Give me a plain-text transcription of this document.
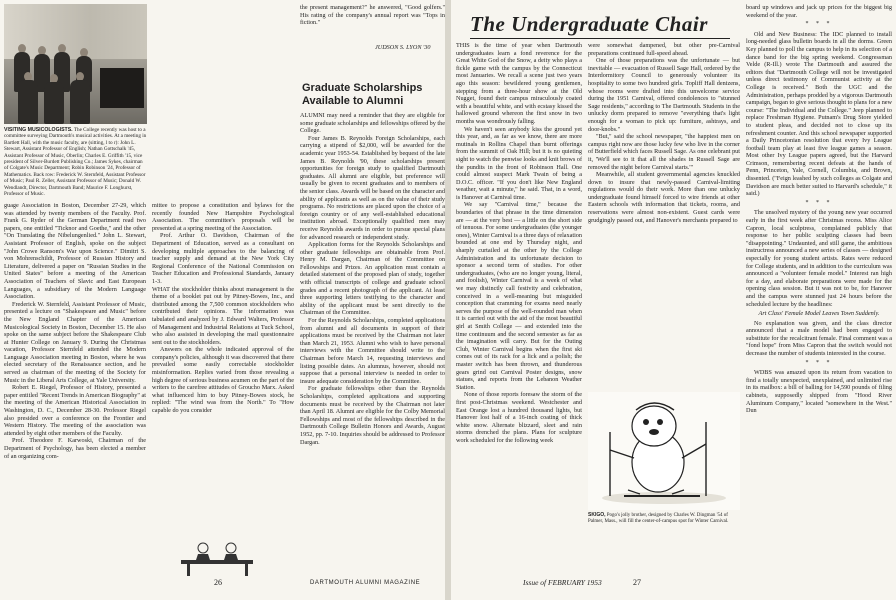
VISITING MUSICOLOGISTS. The College recently was host to a committee surveying Dartmouth's musical activities. At a meeting in Bartlett Hall, with the music faculty, are (sitting, l to r): John L. Stewart, Assistant Professor of English; Nathan Gottschalk '45, Assistant Professor of Music, Oberlin; Charles E. Griffith '15, vice president of Silver-Burdett Publishing Co.; James Sykes, chairman of Colgate's Music Department; Robin Robinson '24, Professor of Mathematics. Back row: Frederick W. Sternfeld, Assistant Professor of Music; Paul R. Zeller, Assistant Professor of Music; Donald W. Wendlandt, Director, Dartmouth Band; Maurice F. Longhurst, Professor of Music.

guage Association in Boston, December 27-29, which was attended by twenty members of the Faculty. Prof. Frank G. Ryder of the German Department read two papers, one entitled "Ticknor and Goethe," and the other "On Translating the Nibelungenlied." John L. Stewart, Assistant Professor of English, spoke on the subject "John Crowe Ransom's War upon Science." Dimitri S. von Mohrenschildt, Professor of Russian History and Literature, delivered a paper on "Russian Studies in the United States" before a meeting of the American Association of Teachers of Slavic and East European Languages, a subsidiary of the Modern Language Association.

Frederick W. Sternfeld, Assistant Professor of Music, presented a lecture on "Shakespeare and Music" before the New England Chapter of the American Musicological Society in Boston, December 15. He also spoke on the same subject before the Shakespeare Club at Hunter College on January 9. During the Christmas vacation, Professor Sternfeld attended the Modern Language Association meeting in Boston, where he was elected secretary of the Renaissance section, and he served as chairman of the meeting of the Society for Music in the Liberal Arts College, at Yale University.

Robert E. Riegel, Professor of History, presented a paper entitled "Recent Trends in American Biography" at the meeting of the American Historical Association in Washington, D. C., December 28-30. Professor Riegel also presided over a conference on the Frontier and Western History. The meeting of the association was attended by eight other members of the Faculty.

Prof. Theodore F. Karwoski, Chairman of the Department of Psychology, has been elected a member of an organizing com-

mittee to propose a constitution and bylaws for the recently founded New Hampshire Psychological Association. The committee's proposals will be presented at a spring meeting of the Association.

Prof. Arthur O. Davidson, Chairman of the Department of Education, served as a consultant on developing multiple approaches to the balancing of teacher supply and demand at the New York City Regional Conference of the National Commission on Teacher Education and Professional Standards, January 1-3.

WHAT the stockholder thinks about management is the theme of a booklet put out by Pitney-Bowes, Inc., and distributed among the 7,500 common stockholders who contributed their opinions. The information was tabulated and analyzed by J. Edward Walters, Professor of Management and Industrial Relations at Tuck School, who also assisted in developing the mail questionnaire sent out to the stockholders.

Answers on the whole indicated approval of the company's policies, although it was discovered that there prevailed some easily correctable stockholder misinformation. Replies varied from those revealing a high degree of serious business acumen on the part of the writers to the carefree attitudes of Groucho Marx. Asked what influenced him to buy Pitney-Bowes stock, he replied: "The wind was from the North." To "How capable do you consider

the present management?" he answered, "Good golfers." His rating of the company's annual report was "Tops in fiction."

JUDSON S. LYON '30
Graduate Scholarships Available to Alumni

ALUMNI may need a reminder that they are eligible for some graduate scholarships and fellowships offered by the College.

Four James B. Reynolds Foreign Scholarships, each carrying a stipend of $2,000, will be awarded for the academic year 1953-54. Established by bequest of the late James B. Reynolds '90, these scholarships present opportunities for foreign study to qualified Dartmouth graduates. All alumni are eligible, but preference will usually be given to recent graduates and to members of the senior class. Awards will be based on the character and ability of applicants as well as on the value of their study programs. No restrictions are placed upon the choice of a foreign country or of any well-established educational institution abroad. Exceptionally qualified men may receive Reynolds awards in order to pursue special plans for advanced research or independent study.

Application forms for the Reynolds Scholarships and other graduate fellowships are obtainable from Prof. Henry M. Dargan, Chairman of the Committee on Fellowships and Prizes. An application must contain a detailed statement of the proposed plan of study, together with official transcripts of college and graduate school grades and a recent photograph of the applicant. At least three supporting letters testifying to the character and ability of the applicant must be sent directly to the Chairman of the Committee.

For the Reynolds Scholarships, completed applications from alumni and all documents in support of their applications must be received by the Chairman not later than March 21, 1953. Alumni who wish to have personal interviews with the Committee should write to the Chairman before March 14, requesting interviews and listing possible dates. An alumnus, however, should not suppose that a personal interview is needed in order to insure adequate consideration by the Committee.

For graduate fellowships other than the Reynolds Scholarships, completed applications and supporting documents must be received by the Chairman not later than April 18. Alumni are eligible for the Colby Memorial Fellowships and most of the fellowships described in the Dartmouth College Bulletin Honors and Awards, August 1952, pp. 7-10. Inquiries should be addressed to Professor Dargan.

26	DARTMOUTH ALUMNI MAGAZINE
The Undergraduate Chair

THIS is the time of year when Dartmouth undergraduates learn a fond reverence for the Great White God of the Snow, a deity who plays a fickle game with the campus by the Connecticut most Januaries. We recall a scene just two years ago this season: bewildered young gentlemen, stepping from a three-hour show at the Old Nugget, found their campus miraculously coated with a beautiful white, and with ecstasy kissed the hallowed ground whereon the first snow in two months was wondrously falling.

We haven't seen anybody kiss the ground yet this year, and, as far as we know, there are more mutinals in Rollins Chapel than burnt offerings from the summit of Oak Hill; but it is no quieting sight to watch the penwise looks and knit brows of the pundits in the front of Robinson Hall. One could almost suspect Mark Twain of being a D.O.C. officer. "If you don't like New England weather, wait a minute," he said. That, in a word, is Hanover at Carnival time.

We say "Carnival time," because the boundaries of that phrase in the time dimension are — at the very best — a little on the short side of tenuous. For some undergraduates (the younger ones), Winter Carnival is a three days of relaxation bounded at one end by Thursday night, and sharply curtailed at the other by the College Administration and its unfortunate decision to sponsor a second term of studies. For other undergraduates, (who are no longer young, literal, and foolish), Winter Carnival is a week of what we may distinctly call festivity and celebration, conceived in a well-meaning but misguided conception that cramming for exams need nearly serves the purpose of the well-rounded man when it is carried out with the aid of the most beautiful girl at Smith College — and extended into the time continuum and the second semester as far as the imagination will carry. But for the Outing Club, Winter Carnival begins when the first ski comes out of its rack for a lick and a polish; the master switch has been thrown, and thunderous gears grind out Carnival Poster designs, snow statues, and reports from the Lebanon Weather Station.

None of those reports foresaw the storm of the first post-Christmas weekend. Westchester and East Orange lost a hundred thousand lights, but Hanover lost half of a 16-inch coating of thick white snow. Alternate blizzard, sleet and rain storms drenched the plans. Plans for sculpture work scheduled for the following week

were somewhat dampened, but other pre-Carnival preparations continued full-speed ahead.

One of those preparations was the unfortunate — but inevitable — evacuation of Russell Sage Hall, ordered by the Interdormitory Council to generously volunteer its hospitality to some two hundred girls. Topliff Hall denizens, whose rooms were drafted into this unwelcome service during the 1951 Carnival, offered condolences to "stunned Sage residents," according to The Dartmouth. Students in the unlucky dorm prepared to remove "everything that's light enough for a woman to pick up: furniture, ashtrays, and door-knobs."

"But," said the school newspaper, "the happiest men on campus right now are those lucky few who live in the corner of Butterfield which faces Russell Sage. As one celebrant put it, 'We'll see to it that all the shades in Russell Sage are removed the night before Carnival starts.'"

Meanwhile, all student governmental agencies knuckled down to insure that newly-passed Carnival-limiting regulations would do their work. More than one unlucky undergraduate found himself forced to wire friends at other Eastern schools with information that tickets, rooms, and reservations were almost non-existent. Guest cards were grudgingly passed out, and Hanover's merchants prepared to

SKIGO, Pogo's jolly brother, designed by Charles W. Dingman '54 of Palmer, Mass., will fill the center-of-campus spot for Winter Carnival.

board up windows and jack up prices for the biggest big weekend of the year.

* * *

Old and New Business: The IDC planned to install long-needed glass bulletin boards in all the dorms. Green Key planned to poll the campus to help in its selection of a dance band for the big spring weekend. Congressman Velde (R-Ill.) wrote The Dartmouth and assured the editors that "Dartmouth College will not be investigated unless direct testimony of Communist activity at the College is received." Both the UGC and the Administration, perhaps prodded by a vigorous Dartmouth campaign, began to give serious thought to plans for a new course: "The Individual and the College." Jeep planned to replace Freshman Hygiene. Putnam's Drug Store yielded to student pleas, and decided not to close up its refreshment counter. And this school newspaper supported a Daily Princetonian resolution that every Ivy League football team play at least five league games a season. Most other Ivy League papers agreed, but the Harvard Crimson, remembering recent defeats at the hands of Penn, Princeton, Yale, Cornell, Columbia, and Brown, dissented. ("Feign leashed by such colleges as Colgate and Davidson are much better suited to Harvard's schedule," it said.)

* * *

The unsolved mystery of the young new year occurred early in the first week after Christmas recess. Miss Alice Capron, local sculptress, complained publicly that response to her public sculpting classes had been "disappointing." Undaunted, and still game, the ambitious instructress announced a new series of classes — designed especially for young student artists. Rates were reduced for College students, and in addition to the curriculum was announced a "volunteer female model." Interest ran high for a day, and elaborate preparations were made for the opening class session. But it was not to be, for Hanover and the campus were stunned just 24 hours before the scheduled lecture by the headlines:

Art Class' Female Model Leaves Town Suddenly.

No explanation was given, and the class director announced that a male model had been engaged to substitute for the recalcitrant female. Final comment was a "fond hope" from Miss Capron that the switch would not decrease the number of students interested in the course.

* * *

WDBS was amazed upon its return from vacation to find a totally unexpected, unexplained, and unlimited rise in its mailbox: a bill of balling for 14,590 pounds of filing cabinets, supposedly shipped from "Hood River Aluminum Company," located "somewhere in the West." Dun

Issue of FEBRUARY 1953	27
